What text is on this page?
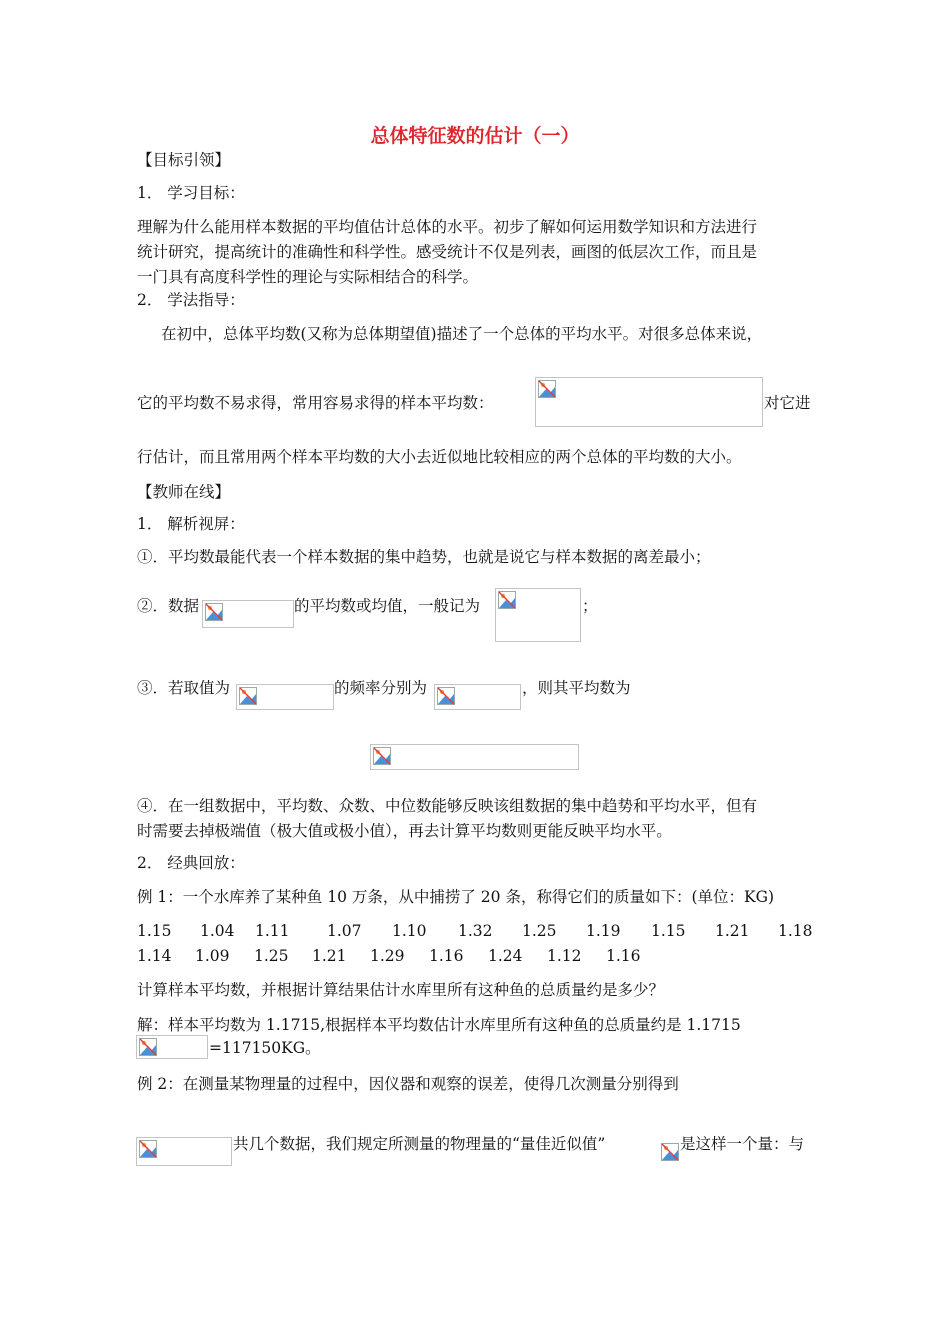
总体特征数的估计（一）
【目标引领】
1． 学习目标：
理解为什么能用样本数据的平均值估计总体的水平。初步了解如何运用数学知识和方法进行
统计研究，提高统计的准确性和科学性。感受统计不仅是列表，画图的低层次工作，而且是
一门具有高度科学性的理论与实际相结合的科学。
2． 学法指导：
在初中，总体平均数(又称为总体期望值)描述了一个总体的平均水平。对很多总体来说，
它的平均数不易求得，常用容易求得的样本平均数：	对它进
行估计，而且常用两个样本平均数的大小去近似地比较相应的两个总体的平均数的大小。
【教师在线】
1． 解析视屏：
①．平均数最能代表一个样本数据的集中趋势，也就是说它与样本数据的离差最小；
②．数据	的平均数或均值，一般记为	；
③．若取值为	的频率分别为	，则其平均数为
④．在一组数据中，平均数、众数、中位数能够反映该组数据的集中趋势和平均水平，但有
时需要去掉极端值（极大值或极小值），再去计算平均数则更能反映平均水平。
2． 经典回放：
例 1：一个水库养了某种鱼 10 万条，从中捕捞了 20 条，称得它们的质量如下：(单位：KG)
1.15 1.04 1.11 1.07 1.10 1.32 1.25 1.19 1.15 1.21 1.18
1.14 1.09 1.25 1.21 1.29 1.16 1.24 1.12 1.16
计算样本平均数，并根据计算结果估计水库里所有这种鱼的总质量约是多少？
解：样本平均数为 1.1715,根据样本平均数估计水库里所有这种鱼的总质量约是 1.1715
=117150KG。
例 2：在测量某物理量的过程中，因仪器和观察的误差，使得几次测量分别得到
共几个数据，我们规定所测量的物理量的“量佳近似值”	是这样一个量：与
